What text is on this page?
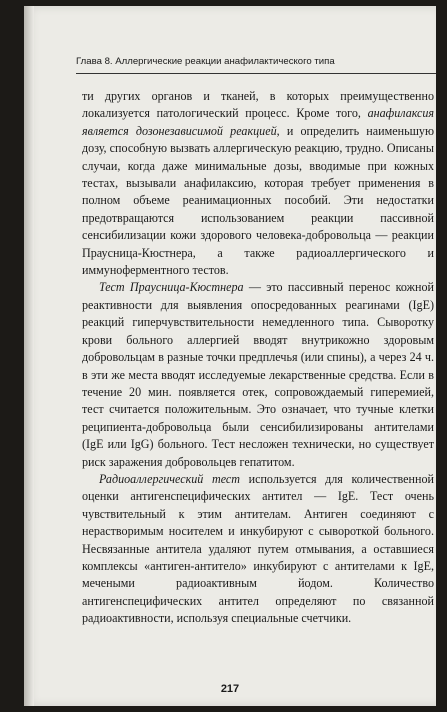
Глава 8. Аллергические реакции анафилактического типа

ти других органов и тканей, в которых преимущественно локализуется патологический процесс. Кроме того, анафилаксия является дозонезависимой реакцией, и определить наименьшую дозу, способную вызвать аллергическую реакцию, трудно. Описаны случаи, когда даже минимальные дозы, вводимые при кожных тестах, вызывали анафилаксию, которая требует применения в полном объеме реанимационных пособий. Эти недостатки предотвращаются использованием реакции пассивной сенсибилизации кожи здорового человека-добровольца — реакции Праусница-Кюстнера, а также радиоаллергического и иммуноферментного тестов.

Тест Праусница-Кюстнера — это пассивный перенос кожной реактивности для выявления опосредованных реагинами (IgE) реакций гиперчувствительности немедленного типа. Сыворотку крови больного аллергией вводят внутрикожно здоровым добровольцам в разные точки предплечья (или спины), а через 24 ч. в эти же места вводят исследуемые лекарственные средства. Если в течение 20 мин. появляется отек, сопровождаемый гиперемией, тест считается положительным. Это означает, что тучные клетки реципиента-добровольца были сенсибилизированы антителами (IgE или IgG) больного. Тест несложен технически, но существует риск заражения добровольцев гепатитом.

Радиоаллергический тест используется для количественной оценки антигенспецифических антител — IgE. Тест очень чувствительный к этим антителам. Антиген соединяют с нерастворимым носителем и инкубируют с сывороткой больного. Несвязанные антитела удаляют путем отмывания, а оставшиеся комплексы «антиген-антитело» инкубируют с антителами к IgE, мечеными радиоактивным йодом. Количество антигенспецифических антител определяют по связанной радиоактивности, используя специальные счетчики.

217
